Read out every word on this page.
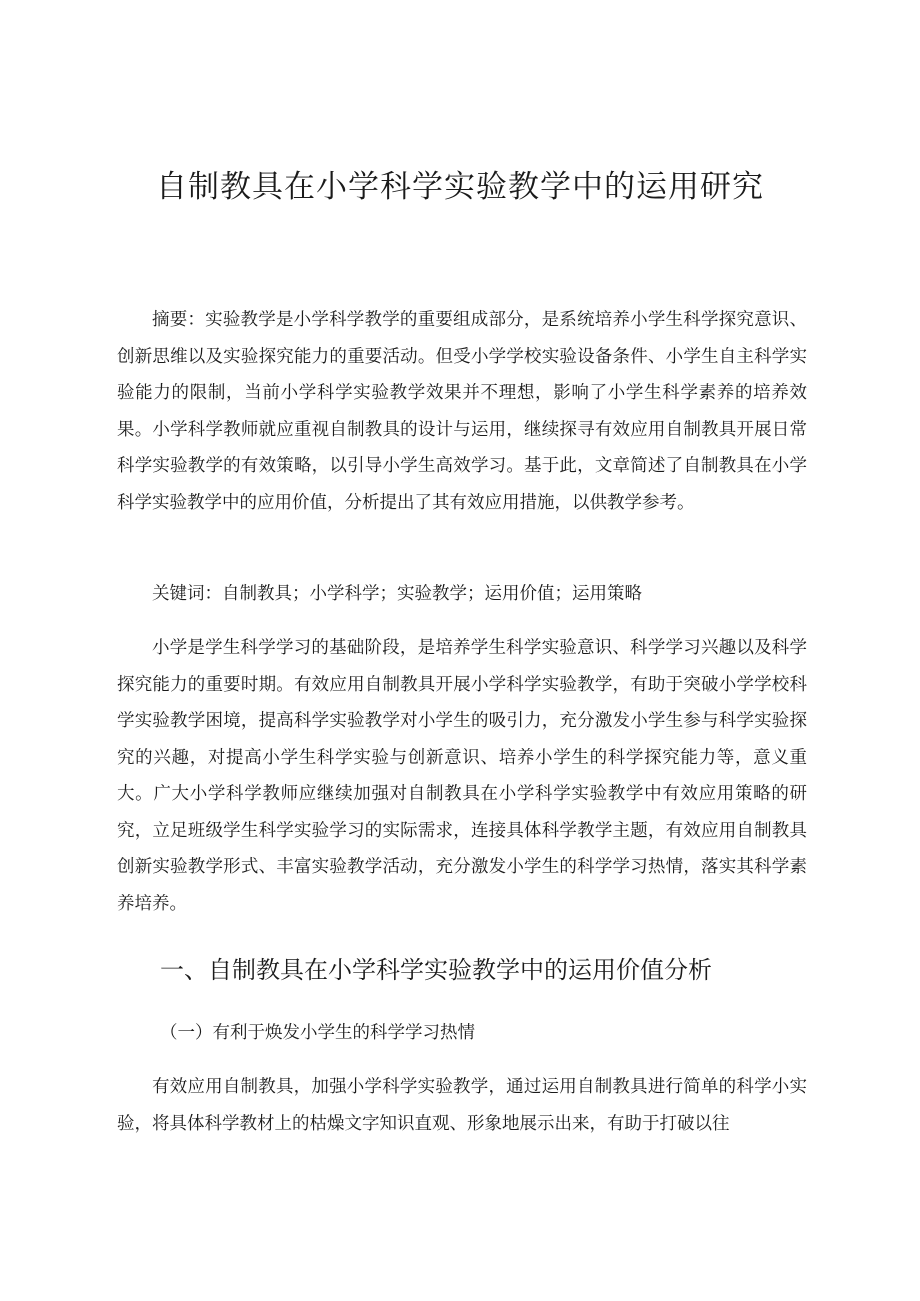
自制教具在小学科学实验教学中的运用研究

摘要：实验教学是小学科学教学的重要组成部分，是系统培养小学生科学探究意识、创新思维以及实验探究能力的重要活动。但受小学学校实验设备条件、小学生自主科学实验能力的限制，当前小学科学实验教学效果并不理想，影响了小学生科学素养的培养效果。小学科学教师就应重视自制教具的设计与运用，继续探寻有效应用自制教具开展日常科学实验教学的有效策略，以引导小学生高效学习。基于此，文章简述了自制教具在小学科学实验教学中的应用价值，分析提出了其有效应用措施，以供教学参考。

关键词：自制教具；小学科学；实验教学；运用价值；运用策略

小学是学生科学学习的基础阶段，是培养学生科学实验意识、科学学习兴趣以及科学探究能力的重要时期。有效应用自制教具开展小学科学实验教学，有助于突破小学学校科学实验教学困境，提高科学实验教学对小学生的吸引力，充分激发小学生参与科学实验探究的兴趣，对提高小学生科学实验与创新意识、培养小学生的科学探究能力等，意义重大。广大小学科学教师应继续加强对自制教具在小学科学实验教学中有效应用策略的研究，立足班级学生科学实验学习的实际需求，连接具体科学教学主题，有效应用自制教具创新实验教学形式、丰富实验教学活动，充分激发小学生的科学学习热情，落实其科学素养培养。

一、自制教具在小学科学实验教学中的运用价值分析
（一）有利于焕发小学生的科学学习热情

有效应用自制教具，加强小学科学实验教学，通过运用自制教具进行简单的科学小实验，将具体科学教材上的枯燥文字知识直观、形象地展示出来，有助于打破以往
